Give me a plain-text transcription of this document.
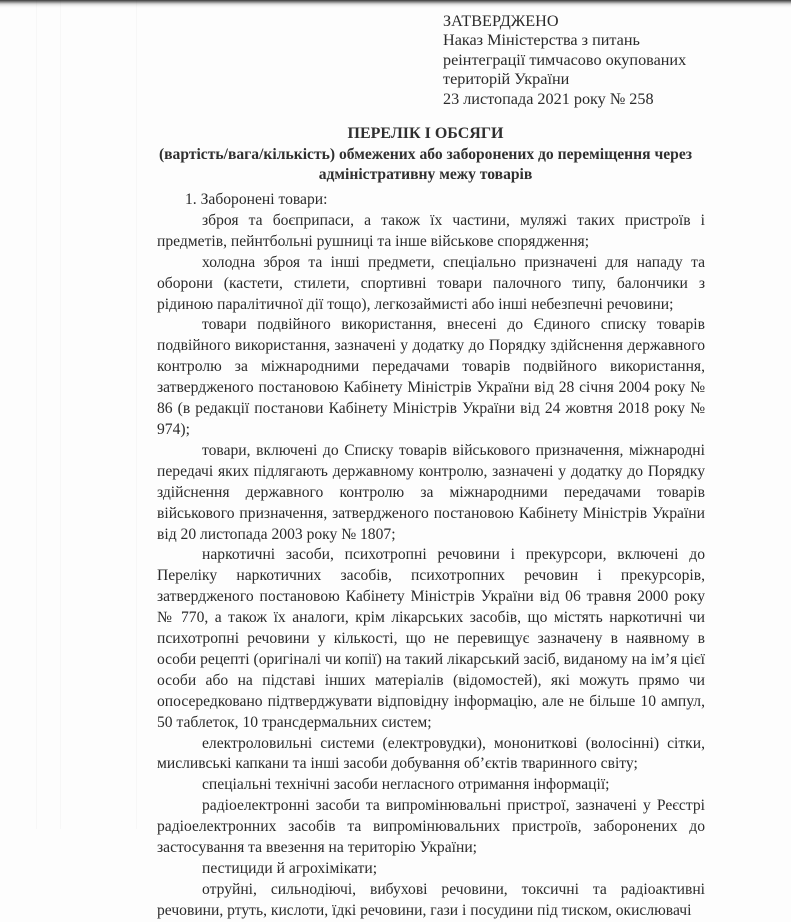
ЗАТВЕРДЖЕНО
Наказ Міністерства з питань
реінтеграції тимчасово окупованих
територій України
23 листопада 2021 року № 258
ПЕРЕЛІК І ОБСЯГИ
(вартість/вага/кількість) обмежених або заборонених до переміщення через
адміністративну межу товарів

1. Заборонені товари:

зброя та боєприпаси, а також їх частини, муляжі таких пристроїв і предметів, пейнтбольні рушниці та інше військове спорядження;

холодна зброя та інші предмети, спеціально призначені для нападу та оборони (кастети, стилети, спортивні товари палочного типу, балончики з рідиною паралітичної дії тощо), легкозаймисті або інші небезпечні речовини;

товари подвійного використання, внесені до Єдиного списку товарів подвійного використання, зазначені у додатку до Порядку здійснення державного контролю за міжнародними передачами товарів подвійного використання, затвердженого постановою Кабінету Міністрів України від 28 січня 2004 року № 86 (в редакції постанови Кабінету Міністрів України від 24 жовтня 2018 року № 974);

товари, включені до Списку товарів військового призначення, міжнародні передачі яких підлягають державному контролю, зазначені у додатку до Порядку здійснення державного контролю за міжнародними передачами товарів військового призначення, затвердженого постановою Кабінету Міністрів України від 20 листопада 2003 року № 1807;

наркотичні засоби, психотропні речовини і прекурсори, включені до Переліку наркотичних засобів, психотропних речовин і прекурсорів, затвердженого постановою Кабінету Міністрів України від 06 травня 2000 року № 770, а також їх аналоги, крім лікарських засобів, що містять наркотичні чи психотропні речовини у кількості, що не перевищує зазначену в наявному в особи рецепті (оригіналі чи копії) на такий лікарський засіб, виданому на ім’я цієї особи або на підставі інших матеріалів (відомостей), які можуть прямо чи опосередковано підтверджувати відповідну інформацію, але не більше 10 ампул, 50 таблеток, 10 трансдермальних систем;

електроловильні системи (електровудки), монониткові (волосінні) сітки, мисливські капкани та інші засоби добування об’єктів тваринного світу;

спеціальні технічні засоби негласного отримання інформації;

радіоелектронні засоби та випромінювальні пристрої, зазначені у Реєстрі радіоелектронних засобів та випромінювальних пристроїв, заборонених до застосування та ввезення на територію України;

пестициди й агрохімікати;

отруйні, сильнодіючі, вибухові речовини, токсичні та радіоактивні речовини, ртуть, кислоти, їдкі речовини, гази і посудини під тиском, окислювачі
